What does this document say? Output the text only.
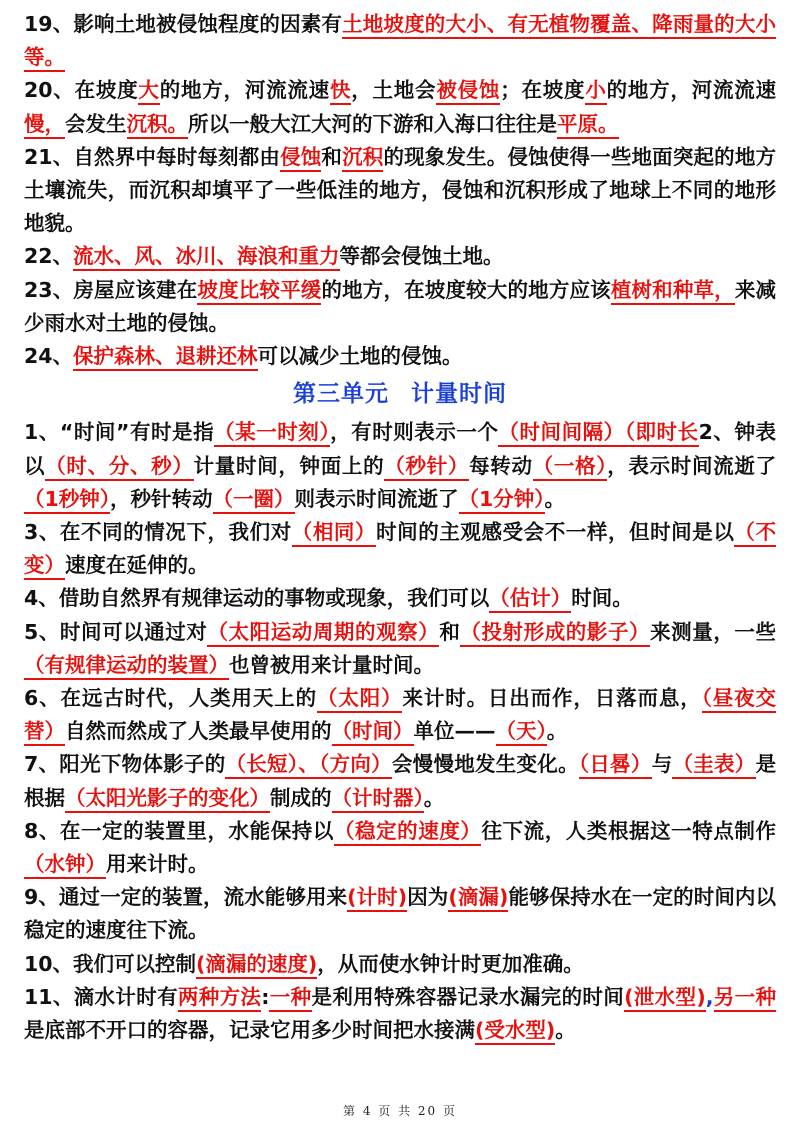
19、影响土地被侵蚀程度的因素有土地坡度的大小、有无植物覆盖、降雨量的大小等。

20、在坡度大的地方，河流流速快，土地会被侵蚀；在坡度小的地方，河流流速慢，会发生沉积。所以一般大江大河的下游和入海口往往是平原。

21、自然界中每时每刻都由侵蚀和沉积的现象发生。侵蚀使得一些地面突起的地方土壤流失，而沉积却填平了一些低洼的地方，侵蚀和沉积形成了地球上不同的地形地貌。

22、流水、风、冰川、海浪和重力等都会侵蚀土地。

23、房屋应该建在坡度比较平缓的地方，在坡度较大的地方应该植树和种草，来减少雨水对土地的侵蚀。

24、保护森林、退耕还林可以减少土地的侵蚀。

第三单元 计量时间

1、“时间”有时是指（某一时刻），有时则表示一个（时间间隔）（即时长2、钟表以（时、分、秒）计量时间，钟面上的（秒针）每转动（一格），表示时间流逝了（1秒钟），秒针转动（一圈）则表示时间流逝了（1分钟）。

3、在不同的情况下，我们对（相同）时间的主观感受会不一样，但时间是以（不变）速度在延伸的。

4、借助自然界有规律运动的事物或现象，我们可以（估计）时间。

5、时间可以通过对（太阳运动周期的观察）和（投射形成的影子）来测量，一些（有规律运动的装置）也曾被用来计量时间。

6、在远古时代，人类用天上的（太阳）来计时。日出而作，日落而息，（昼夜交替）自然而然成了人类最早使用的（时间）单位——（天）。

7、阳光下物体影子的（长短）、（方向）会慢慢地发生变化。（日晷）与（圭表）是根据（太阳光影子的变化）制成的（计时器）。

8、在一定的装置里，水能保持以（稳定的速度）往下流，人类根据这一特点制作（水钟）用来计时。

9、通过一定的装置，流水能够用来(计时)因为(滴漏)能够保持水在一定的时间内以稳定的速度往下流。

10、我们可以控制(滴漏的速度)，从而使水钟计时更加准确。

11、滴水计时有两种方法:一种是利用特殊容器记录水漏完的时间(泄水型),另一种是底部不开口的容器，记录它用多少时间把水接满(受水型)。

第 4 页 共 20 页
